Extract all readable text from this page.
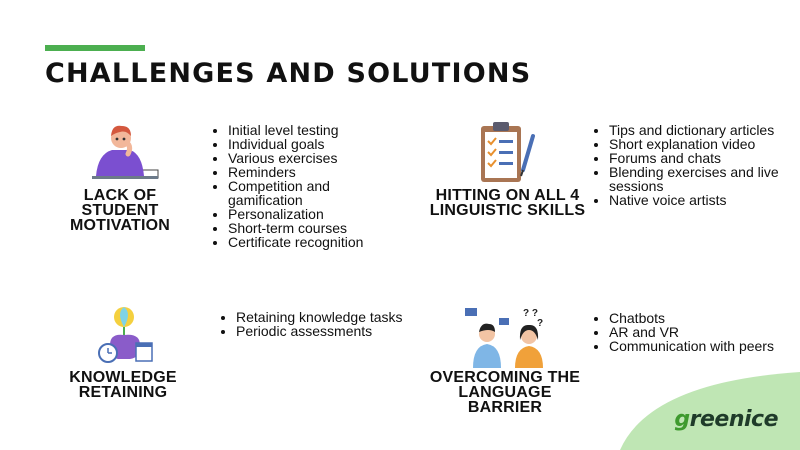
CHALLENGES AND SOLUTIONS
LACK OF STUDENT MOTIVATION
• Initial level testing
• Individual goals
• Various exercises
• Reminders
• Competition and gamification
• Personalization
• Short-term courses
• Certificate recognition
HITTING ON ALL 4 LINGUISTIC SKILLS
• Tips and dictionary articles
• Short explanation video
• Forums and chats
• Blending exercises and live sessions
• Native voice artists
KNOWLEDGE RETAINING
• Retaining knowledge tasks
• Periodic assessments
? ?
?
OVERCOMING THE LANGUAGE BARRIER
• Chatbots
• AR and VR
• Communication with peers
greenice
